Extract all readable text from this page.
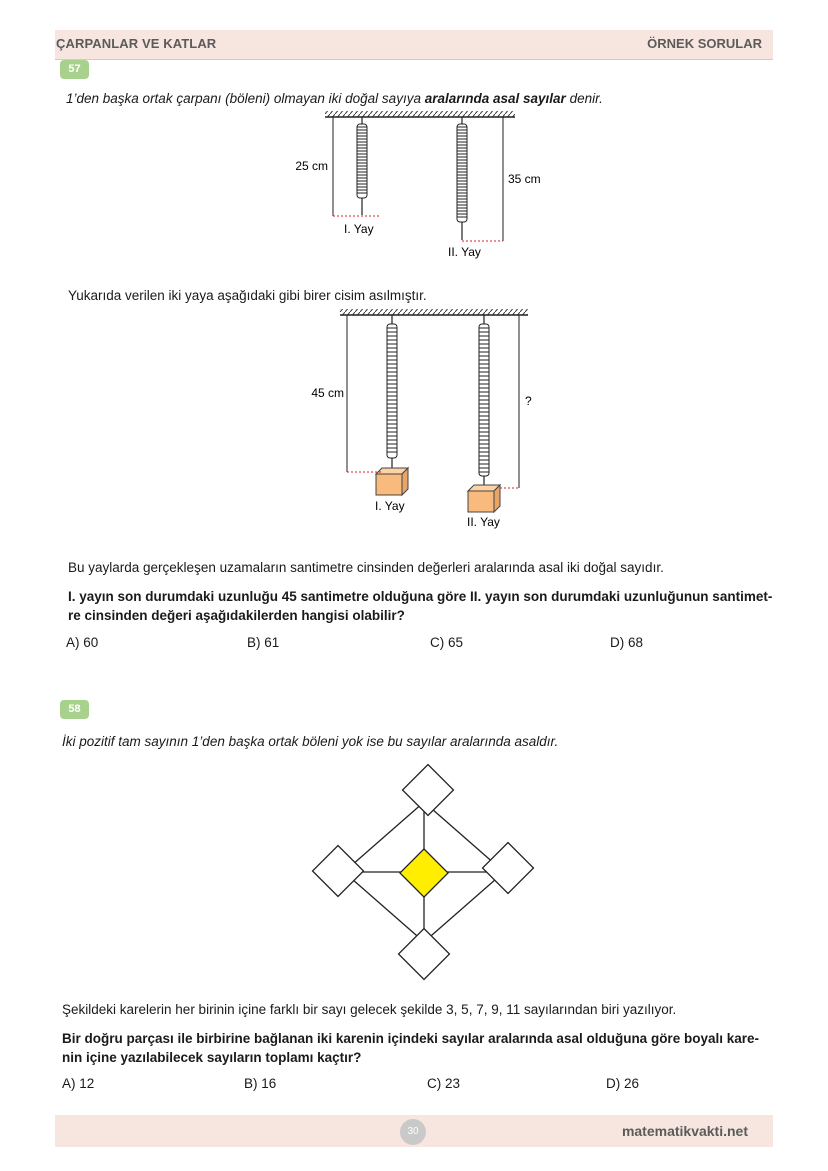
ÇARPANLAR VE KATLAR	ÖRNEK SORULAR
57
1’den başka ortak çarpanı (böleni) olmayan iki doğal sayıya aralarında asal sayılar denir.
25 cm
I. Yay
35 cm
II. Yay
Yukarıda verilen iki yaya aşağıdaki gibi birer cisim asılmıştır.
45 cm
I. Yay
?
II. Yay
Bu yaylarda gerçekleşen uzamaların santimetre cinsinden değerleri aralarında asal iki doğal sayıdır.
I. yayın son durumdaki uzunluğu 45 santimetre olduğuna göre II. yayın son durumdaki uzunluğunun santimet-
re cinsinden değeri aşağıdakilerden hangisi olabilir?
A) 60	B) 61	C) 65	D) 68
58
İki pozitif tam sayının 1’den başka ortak böleni yok ise bu sayılar aralarında asaldır.
Şekildeki karelerin her birinin içine farklı bir sayı gelecek şekilde 3, 5, 7, 9, 11 sayılarından biri yazılıyor.
Bir doğru parçası ile birbirine bağlanan iki karenin içindeki sayılar aralarında asal olduğuna göre boyalı kare-
nin içine yazılabilecek sayıların toplamı kaçtır?
A) 12	B) 16	C) 23	D) 26
30	matematikvakti.net
